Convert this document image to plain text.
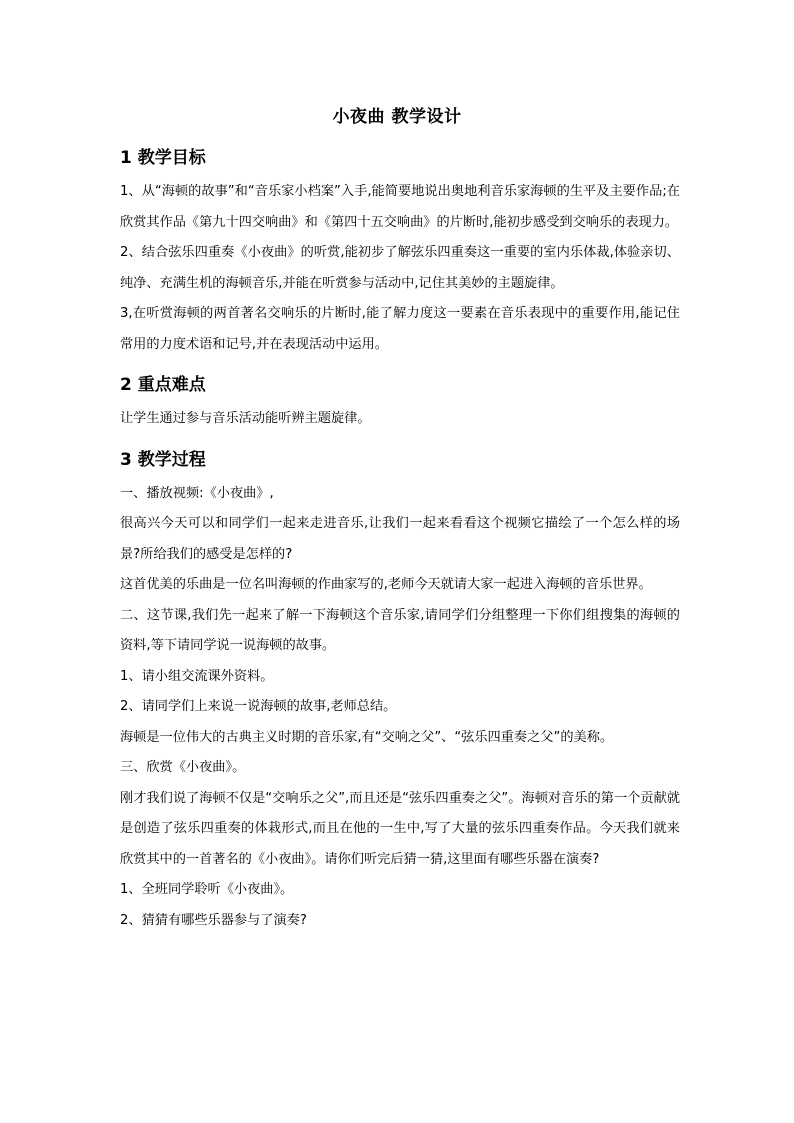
小夜曲 教学设计
1 教学目标

1、从“海顿的故事”和“音乐家小档案”入手,能简要地说出奥地利音乐家海顿的生平及主要作品;在欣赏其作品《第九十四交响曲》和《第四十五交响曲》的片断时,能初步感受到交响乐的表现力。

2、结合弦乐四重奏《小夜曲》的听赏,能初步了解弦乐四重奏这一重要的室内乐体裁,体验亲切、纯净、充满生机的海顿音乐,并能在听赏参与活动中,记住其美妙的主题旋律。

3,在听赏海顿的两首著名交响乐的片断时,能了解力度这一要素在音乐表现中的重要作用,能记住常用的力度术语和记号,并在表现活动中运用。

2 重点难点

让学生通过参与音乐活动能听辨主题旋律。

3 教学过程

一、播放视频:《小夜曲》,

很高兴今天可以和同学们一起来走进音乐,让我们一起来看看这个视频它描绘了一个怎么样的场景?所给我们的感受是怎样的?

这首优美的乐曲是一位名叫海顿的作曲家写的,老师今天就请大家一起进入海顿的音乐世界。

二、这节课,我们先一起来了解一下海顿这个音乐家,请同学们分组整理一下你们组搜集的海顿的资料,等下请同学说一说海顿的故事。

1、请小组交流课外资料。

2、请同学们上来说一说海顿的故事,老师总结。

海顿是一位伟大的古典主义时期的音乐家,有“交响之父”、“弦乐四重奏之父”的美称。

三、欣赏《小夜曲》。

刚才我们说了海顿不仅是“交响乐之父”,而且还是“弦乐四重奏之父”。海顿对音乐的第一个贡献就是创造了弦乐四重奏的体栽形式,而且在他的一生中,写了大量的弦乐四重奏作品。今天我们就来欣赏其中的一首著名的《小夜曲》。请你们听完后猜一猜,这里面有哪些乐器在演奏?

1、全班同学聆听《小夜曲》。

2、猜猜有哪些乐器参与了演奏?
